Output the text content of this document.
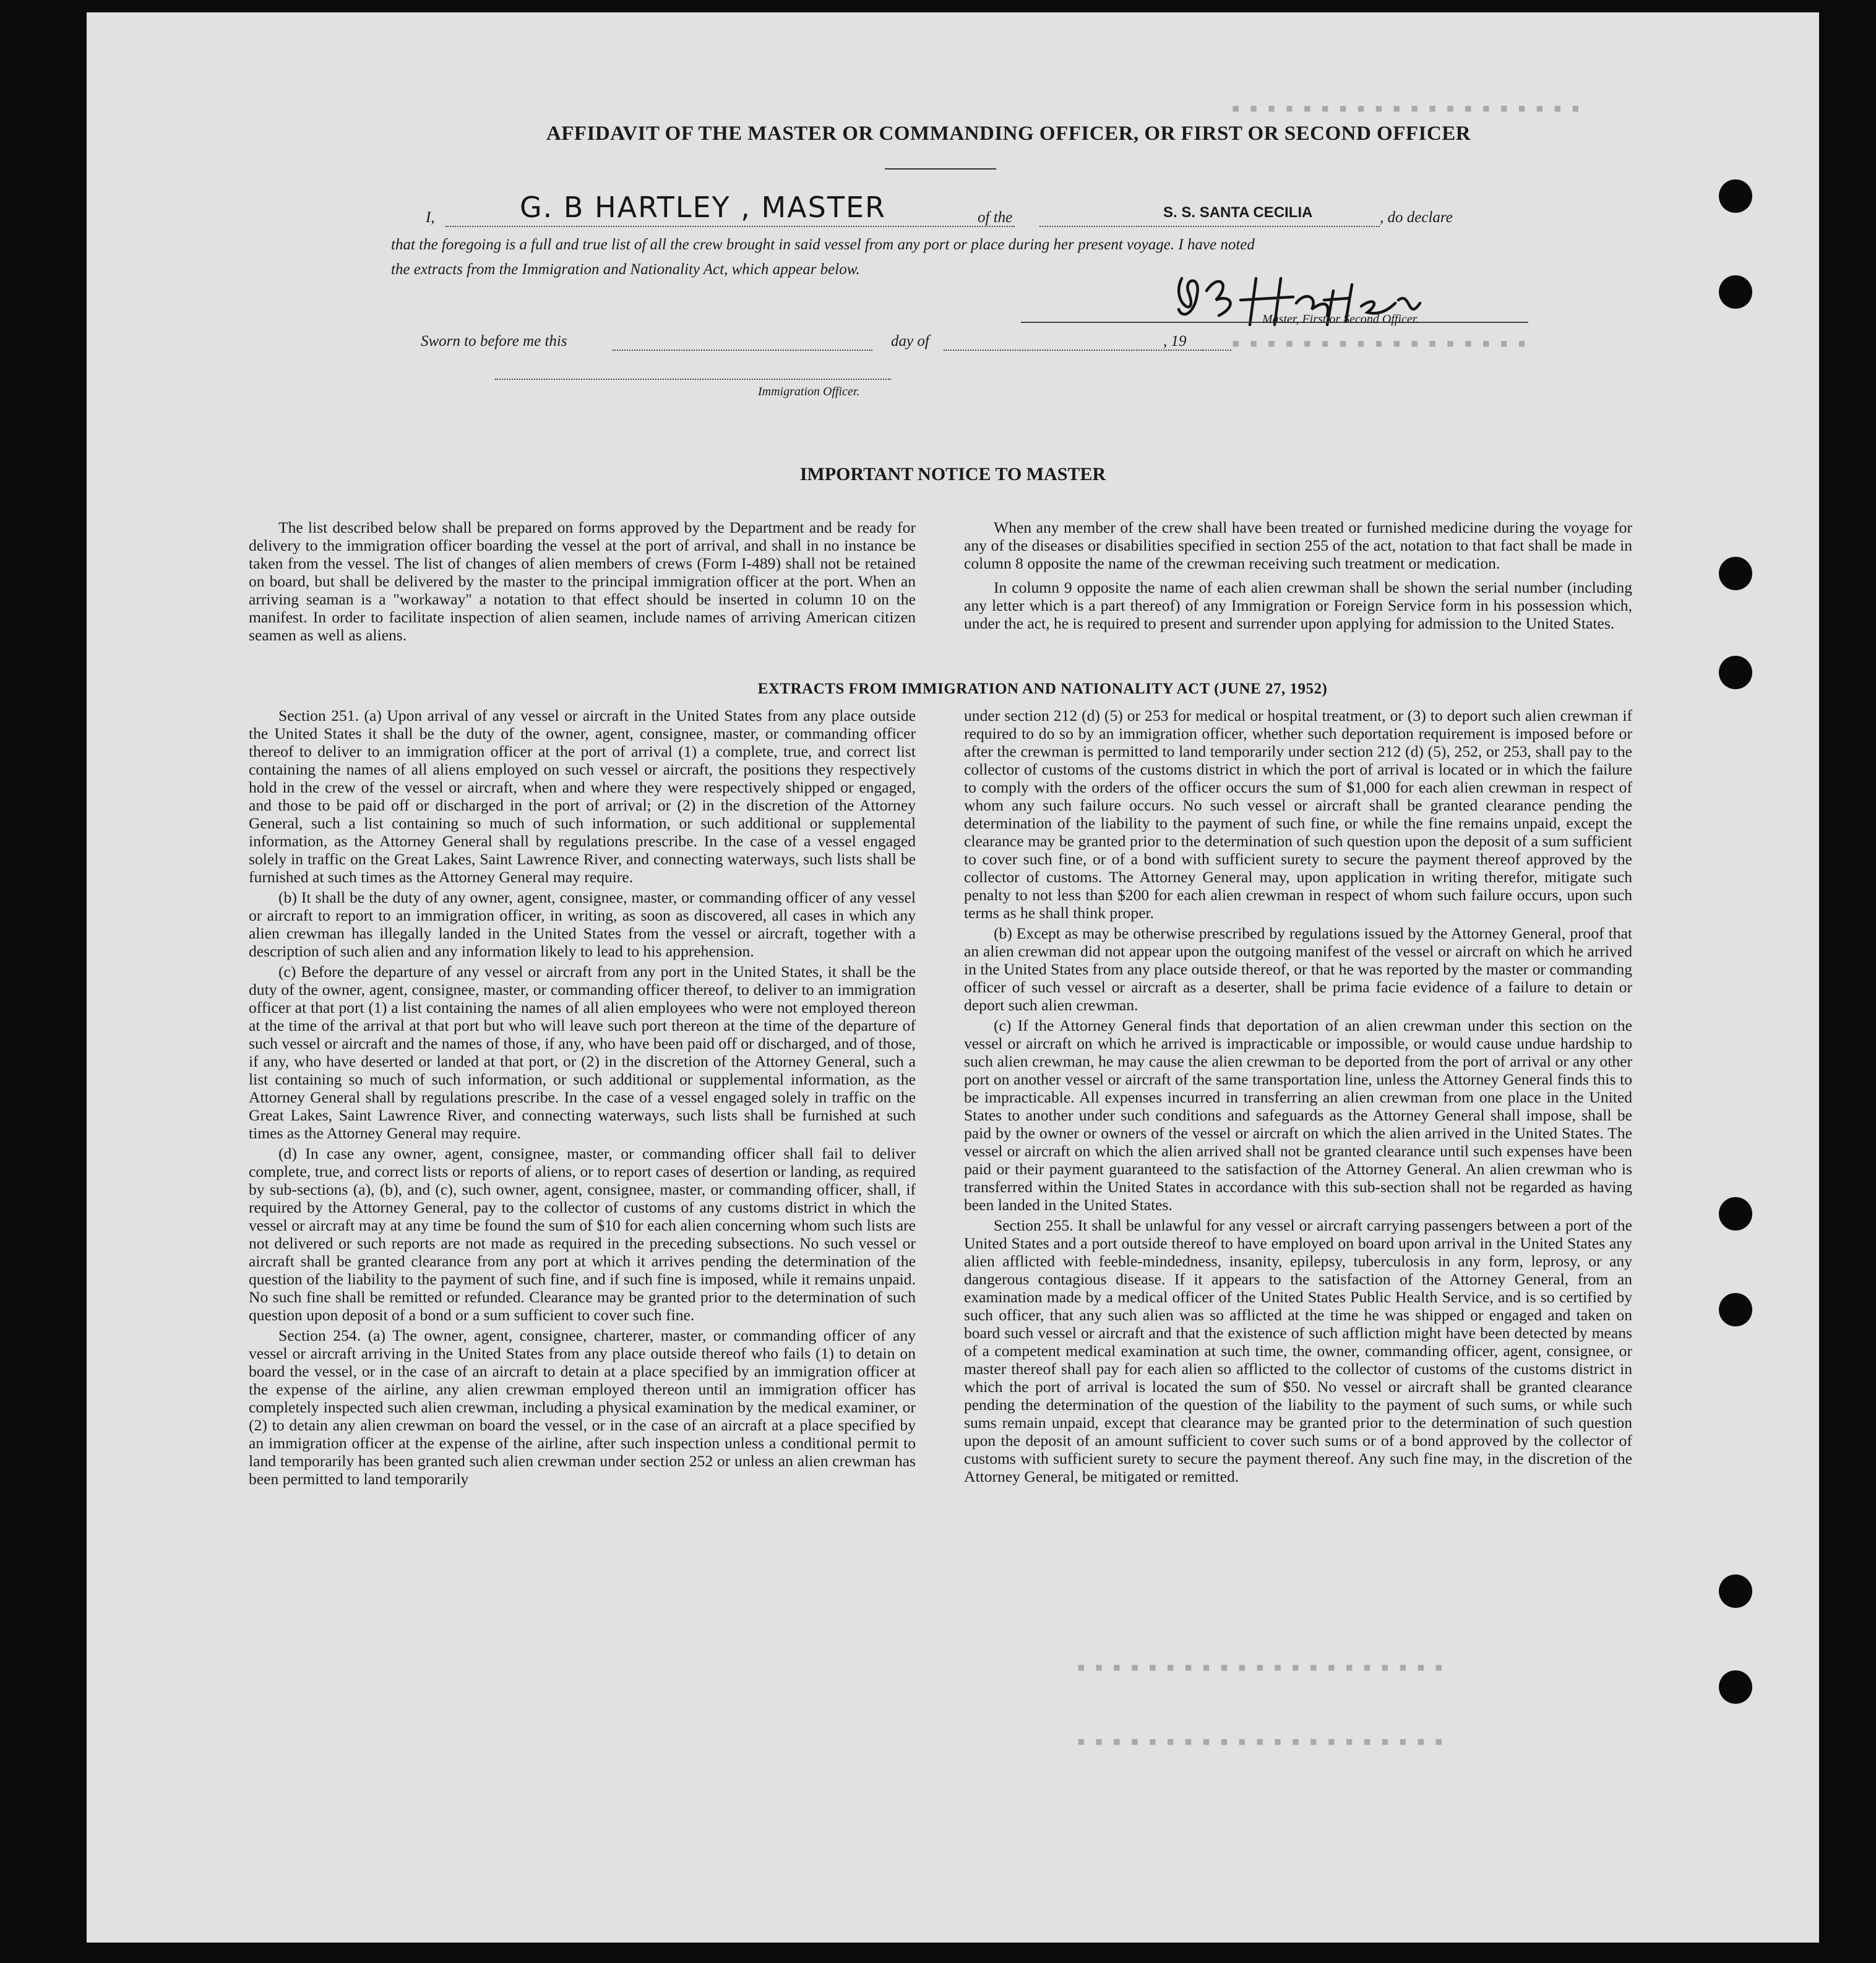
▪ ▪ ▪ ▪ ▪ ▪ ▪ ▪ ▪ ▪ ▪ ▪ ▪ ▪ ▪ ▪ ▪ ▪ ▪ ▪
▪ ▪ ▪ ▪ ▪ ▪ ▪ ▪ ▪ ▪ ▪ ▪ ▪ ▪ ▪ ▪ ▪
▪ ▪ ▪ ▪ ▪ ▪ ▪ ▪ ▪ ▪ ▪ ▪ ▪ ▪ ▪ ▪ ▪ ▪ ▪ ▪ ▪
▪ ▪ ▪ ▪ ▪ ▪ ▪ ▪ ▪ ▪ ▪ ▪ ▪ ▪ ▪ ▪ ▪ ▪ ▪ ▪ ▪
AFFIDAVIT OF THE MASTER OR COMMANDING OFFICER, OR FIRST OR SECOND OFFICER
I,	G. B HARTLEY , MASTER	of the	S. S. SANTA CECILIA	, do declare
that the foregoing is a full and true list of all the crew brought in said vessel from any port or place during her present voyage. I have noted
the extracts from the Immigration and Nationality Act, which appear below.
Master, First or Second Officer.
Sworn to before me this	day of	, 19
Immigration Officer.
IMPORTANT NOTICE TO MASTER

The list described below shall be prepared on forms approved by the Department and be ready for delivery to the immigration officer boarding the vessel at the port of arrival, and shall in no instance be taken from the vessel. The list of changes of alien members of crews (Form I-489) shall not be retained on board, but shall be delivered by the master to the principal immigration officer at the port. When an arriving seaman is a "workaway" a notation to that effect should be inserted in column 10 on the manifest. In order to facilitate inspection of alien seamen, include names of arriving American citizen seamen as well as aliens.

When any member of the crew shall have been treated or furnished medicine during the voyage for any of the diseases or disabilities specified in section 255 of the act, notation to that fact shall be made in column 8 opposite the name of the crewman receiving such treatment or medication.

In column 9 opposite the name of each alien crewman shall be shown the serial number (including any letter which is a part thereof) of any Immigration or Foreign Service form in his possession which, under the act, he is required to present and surrender upon applying for admission to the United States.

EXTRACTS FROM IMMIGRATION AND NATIONALITY ACT (JUNE 27, 1952)

Section 251. (a) Upon arrival of any vessel or aircraft in the United States from any place outside the United States it shall be the duty of the owner, agent, consignee, master, or commanding officer thereof to deliver to an immigration officer at the port of arrival (1) a complete, true, and correct list containing the names of all aliens employed on such vessel or aircraft, the positions they respectively hold in the crew of the vessel or aircraft, when and where they were respectively shipped or engaged, and those to be paid off or discharged in the port of arrival; or (2) in the discretion of the Attorney General, such a list containing so much of such information, or such additional or supplemental information, as the Attorney General shall by regulations prescribe. In the case of a vessel engaged solely in traffic on the Great Lakes, Saint Lawrence River, and connecting waterways, such lists shall be furnished at such times as the Attorney General may require.

(b) It shall be the duty of any owner, agent, consignee, master, or commanding officer of any vessel or aircraft to report to an immigration officer, in writing, as soon as discovered, all cases in which any alien crewman has illegally landed in the United States from the vessel or aircraft, together with a description of such alien and any information likely to lead to his apprehension.

(c) Before the departure of any vessel or aircraft from any port in the United States, it shall be the duty of the owner, agent, consignee, master, or commanding officer thereof, to deliver to an immigration officer at that port (1) a list containing the names of all alien employees who were not employed thereon at the time of the arrival at that port but who will leave such port thereon at the time of the departure of such vessel or aircraft and the names of those, if any, who have been paid off or discharged, and of those, if any, who have deserted or landed at that port, or (2) in the discretion of the Attorney General, such a list containing so much of such information, or such additional or supplemental information, as the Attorney General shall by regulations prescribe. In the case of a vessel engaged solely in traffic on the Great Lakes, Saint Lawrence River, and connecting waterways, such lists shall be furnished at such times as the Attorney General may require.

(d) In case any owner, agent, consignee, master, or commanding officer shall fail to deliver complete, true, and correct lists or reports of aliens, or to report cases of desertion or landing, as required by sub-sections (a), (b), and (c), such owner, agent, consignee, master, or commanding officer, shall, if required by the Attorney General, pay to the collector of customs of any customs district in which the vessel or aircraft may at any time be found the sum of $10 for each alien concerning whom such lists are not delivered or such reports are not made as required in the preceding subsections. No such vessel or aircraft shall be granted clearance from any port at which it arrives pending the determination of the question of the liability to the payment of such fine, and if such fine is imposed, while it remains unpaid. No such fine shall be remitted or refunded. Clearance may be granted prior to the determination of such question upon deposit of a bond or a sum sufficient to cover such fine.

Section 254. (a) The owner, agent, consignee, charterer, master, or commanding officer of any vessel or aircraft arriving in the United States from any place outside thereof who fails (1) to detain on board the vessel, or in the case of an aircraft to detain at a place specified by an immigration officer at the expense of the airline, any alien crewman employed thereon until an immigration officer has completely inspected such alien crewman, including a physical examination by the medical examiner, or (2) to detain any alien crewman on board the vessel, or in the case of an aircraft at a place specified by an immigration officer at the expense of the airline, after such inspection unless a conditional permit to land temporarily has been granted such alien crewman under section 252 or unless an alien crewman has been permitted to land temporarily

under section 212 (d) (5) or 253 for medical or hospital treatment, or (3) to deport such alien crewman if required to do so by an immigration officer, whether such deportation requirement is imposed before or after the crewman is permitted to land temporarily under section 212 (d) (5), 252, or 253, shall pay to the collector of customs of the customs district in which the port of arrival is located or in which the failure to comply with the orders of the officer occurs the sum of $1,000 for each alien crewman in respect of whom any such failure occurs. No such vessel or aircraft shall be granted clearance pending the determination of the liability to the payment of such fine, or while the fine remains unpaid, except the clearance may be granted prior to the determination of such question upon the deposit of a sum sufficient to cover such fine, or of a bond with sufficient surety to secure the payment thereof approved by the collector of customs. The Attorney General may, upon application in writing therefor, mitigate such penalty to not less than $200 for each alien crewman in respect of whom such failure occurs, upon such terms as he shall think proper.

(b) Except as may be otherwise prescribed by regulations issued by the Attorney General, proof that an alien crewman did not appear upon the outgoing manifest of the vessel or aircraft on which he arrived in the United States from any place outside thereof, or that he was reported by the master or commanding officer of such vessel or aircraft as a deserter, shall be prima facie evidence of a failure to detain or deport such alien crewman.

(c) If the Attorney General finds that deportation of an alien crewman under this section on the vessel or aircraft on which he arrived is impracticable or impossible, or would cause undue hardship to such alien crewman, he may cause the alien crewman to be deported from the port of arrival or any other port on another vessel or aircraft of the same transportation line, unless the Attorney General finds this to be impracticable. All expenses incurred in transferring an alien crewman from one place in the United States to another under such conditions and safeguards as the Attorney General shall impose, shall be paid by the owner or owners of the vessel or aircraft on which the alien arrived in the United States. The vessel or aircraft on which the alien arrived shall not be granted clearance until such expenses have been paid or their payment guaranteed to the satisfaction of the Attorney General. An alien crewman who is transferred within the United States in accordance with this sub-section shall not be regarded as having been landed in the United States.

Section 255. It shall be unlawful for any vessel or aircraft carrying passengers between a port of the United States and a port outside thereof to have employed on board upon arrival in the United States any alien afflicted with feeble-mindedness, insanity, epilepsy, tuberculosis in any form, leprosy, or any dangerous contagious disease. If it appears to the satisfaction of the Attorney General, from an examination made by a medical officer of the United States Public Health Service, and is so certified by such officer, that any such alien was so afflicted at the time he was shipped or engaged and taken on board such vessel or aircraft and that the existence of such affliction might have been detected by means of a competent medical examination at such time, the owner, commanding officer, agent, consignee, or master thereof shall pay for each alien so afflicted to the collector of customs of the customs district in which the port of arrival is located the sum of $50. No vessel or aircraft shall be granted clearance pending the determination of the question of the liability to the payment of such sums, or while such sums remain unpaid, except that clearance may be granted prior to the determination of such question upon the deposit of an amount sufficient to cover such sums or of a bond approved by the collector of customs with sufficient surety to secure the payment thereof. Any such fine may, in the discretion of the Attorney General, be mitigated or remitted.
